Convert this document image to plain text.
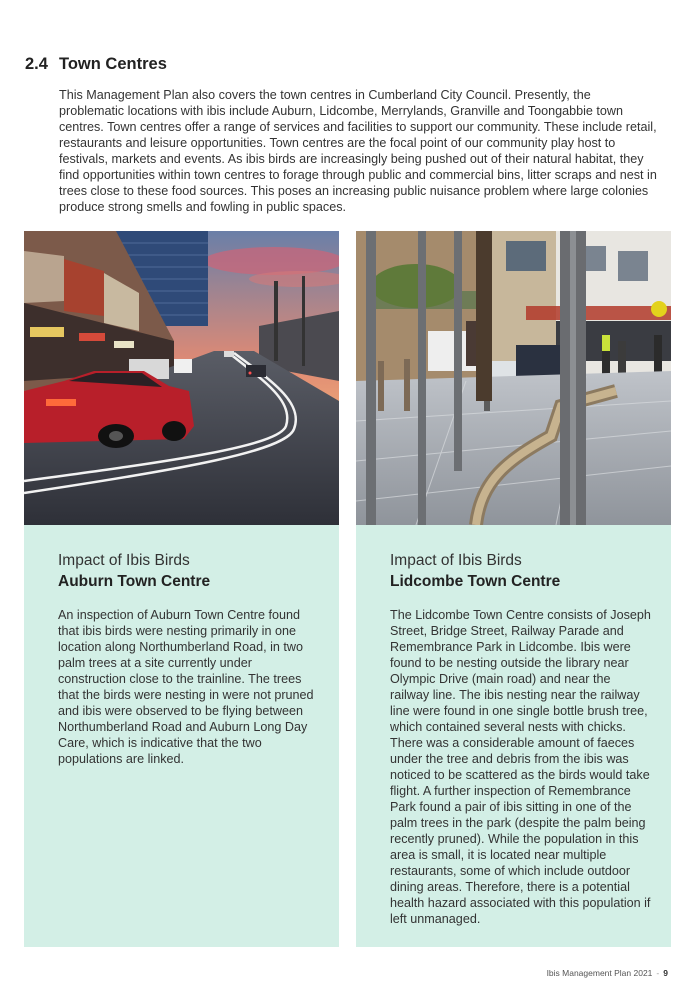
2.4 Town Centres

This Management Plan also covers the town centres in Cumberland City Council. Presently, the problematic locations with ibis include Auburn, Lidcombe, Merrylands, Granville and Toongabbie town centres. Town centres offer a range of services and facilities to support our community. These include retail, restaurants and leisure opportunities. Town centres are the focal point of our community play host to festivals, markets and events. As ibis birds are increasingly being pushed out of their natural habitat, they find opportunities within town centres to forage through public and commercial bins, litter scraps and nest in trees close to these food sources. This poses an increasing public nuisance problem where large colonies produce strong smells and fowling in public spaces.

Impact of Ibis Birds
Auburn Town Centre

An inspection of Auburn Town Centre found that ibis birds were nesting primarily in one location along Northumberland Road, in two palm trees at a site currently under construction close to the trainline. The trees that the birds were nesting in were not pruned and ibis were observed to be flying between Northumberland Road and Auburn Long Day Care, which is indicative that the two populations are linked.

Impact of Ibis Birds
Lidcombe Town Centre

The Lidcombe Town Centre consists of Joseph Street, Bridge Street, Railway Parade and Remembrance Park in Lidcombe. Ibis were found to be nesting outside the library near Olympic Drive (main road) and near the railway line. The ibis nesting near the railway line were found in one single bottle brush tree, which contained several nests with chicks. There was a considerable amount of faeces under the tree and debris from the ibis was noticed to be scattered as the birds would take flight. A further inspection of Remembrance Park found a pair of ibis sitting in one of the palm trees in the park (despite the palm being recently pruned). While the population in this area is small, it is located near multiple restaurants, some of which include outdoor dining areas. Therefore, there is a potential health hazard associated with this population if left unmanaged.

Ibis Management Plan 2021 - 9
